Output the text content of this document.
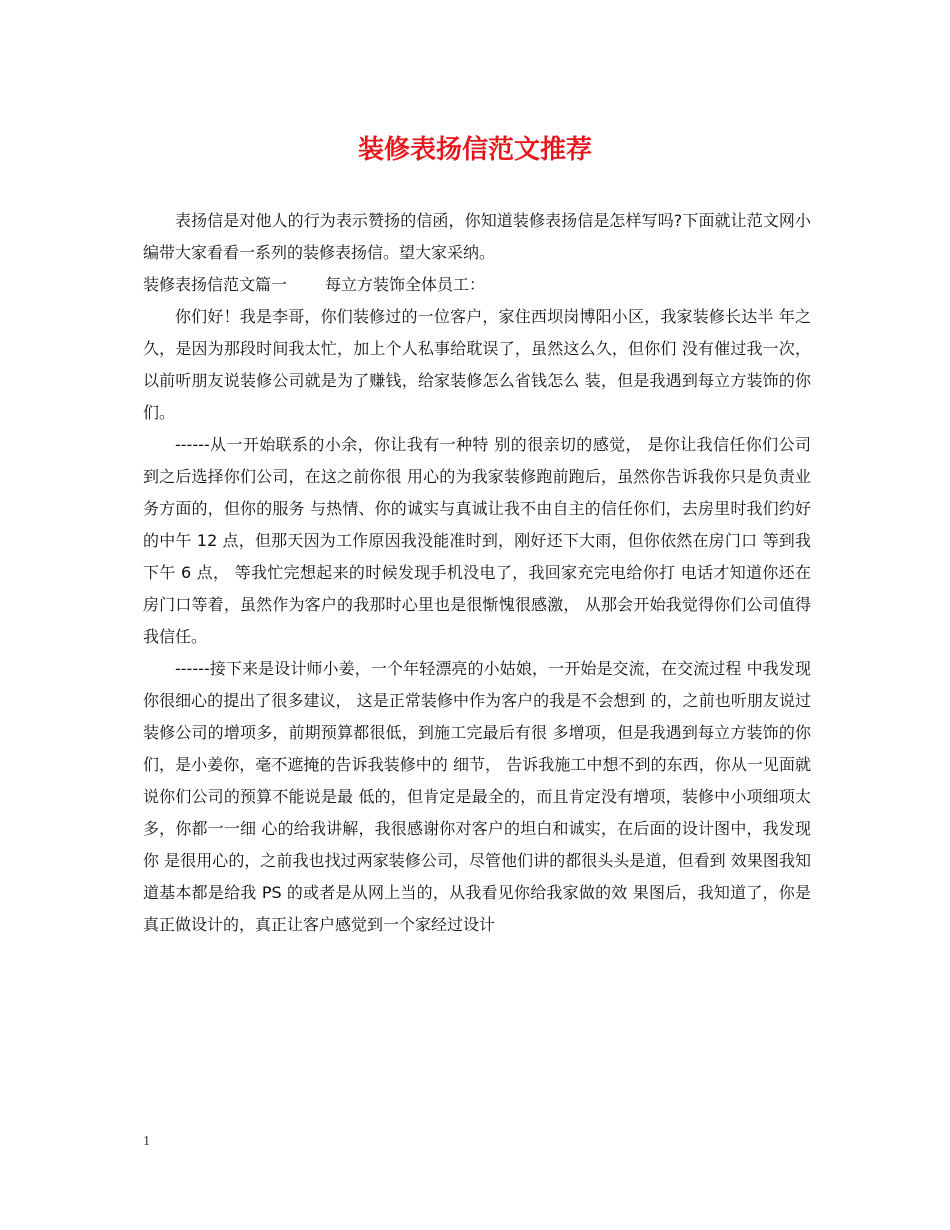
装修表扬信范文推荐

表扬信是对他人的行为表示赞扬的信函，你知道装修表扬信是怎样写吗?下面就让范文网小编带大家看看一系列的装修表扬信。望大家采纳。

装修表扬信范文篇一 每立方装饰全体员工：

你们好！我是李哥，你们装修过的一位客户，家住西坝岗博阳小区，我家装修长达半 年之久，是因为那段时间我太忙，加上个人私事给耽误了，虽然这么久，但你们 没有催过我一次， 以前听朋友说装修公司就是为了赚钱，给家装修怎么省钱怎么 装，但是我遇到每立方装饰的你们。

------从一开始联系的小余，你让我有一种特 别的很亲切的感觉， 是你让我信任你们公司到之后选择你们公司，在这之前你很 用心的为我家装修跑前跑后，虽然你告诉我你只是负责业务方面的，但你的服务 与热情、你的诚实与真诚让我不由自主的信任你们，去房里时我们约好的中午 12 点，但那天因为工作原因我没能准时到，刚好还下大雨，但你依然在房门口 等到我下午 6 点， 等我忙完想起来的时候发现手机没电了，我回家充完电给你打 电话才知道你还在房门口等着，虽然作为客户的我那时心里也是很惭愧很感激， 从那会开始我觉得你们公司值得我信任。

------接下来是设计师小姜，一个年轻漂亮的小姑娘，一开始是交流，在交流过程 中我发现你很细心的提出了很多建议， 这是正常装修中作为客户的我是不会想到 的，之前也听朋友说过装修公司的增项多，前期预算都很低，到施工完最后有很 多增项，但是我遇到每立方装饰的你们，是小姜你，毫不遮掩的告诉我装修中的 细节， 告诉我施工中想不到的东西，你从一见面就说你们公司的预算不能说是最 低的，但肯定是最全的，而且肯定没有增项，装修中小项细项太多，你都一一细 心的给我讲解，我很感谢你对客户的坦白和诚实，在后面的设计图中，我发现你 是很用心的，之前我也找过两家装修公司，尽管他们讲的都很头头是道，但看到 效果图我知道基本都是给我 PS 的或者是从网上当的，从我看见你给我家做的效 果图后，我知道了，你是真正做设计的，真正让客户感觉到一个家经过设计

1
